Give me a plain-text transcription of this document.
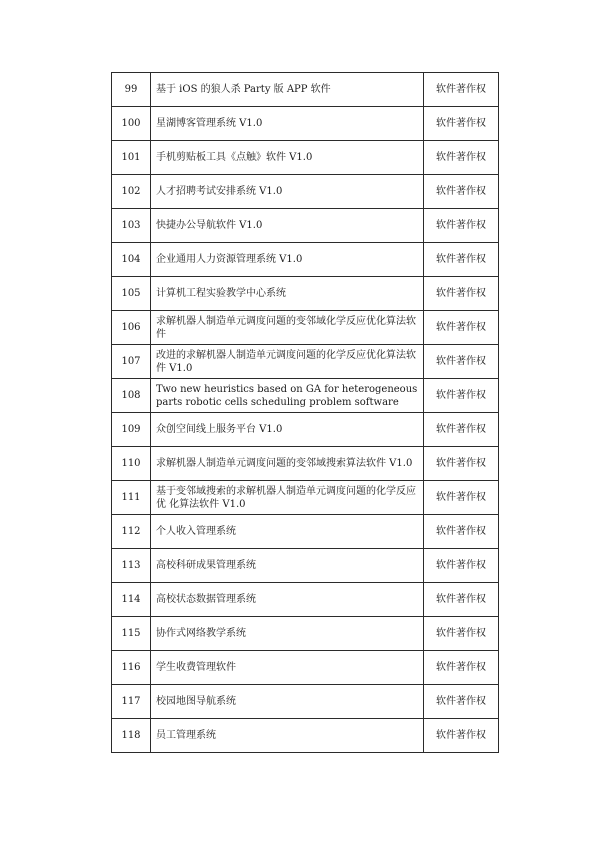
99	基于 iOS 的狼人杀 Party 版 APP 软件	软件著作权
100	星湖博客管理系统 V1.0	软件著作权
101	手机剪贴板工具《点触》软件 V1.0	软件著作权
102	人才招聘考试安排系统 V1.0	软件著作权
103	快捷办公导航软件 V1.0	软件著作权
104	企业通用人力资源管理系统 V1.0	软件著作权
105	计算机工程实验教学中心系统	软件著作权
106	求解机器人制造单元调度问题的变邻域化学反应优化算法软件	软件著作权
107	改进的求解机器人制造单元调度问题的化学反应优化算法软件 V1.0	软件著作权
108	Two new heuristics based on GA for heterogeneous parts robotic cells scheduling problem software	软件著作权
109	众创空间线上服务平台 V1.0	软件著作权
110	求解机器人制造单元调度问题的变邻域搜索算法软件 V1.0	软件著作权
111	基于变邻域搜索的求解机器人制造单元调度问题的化学反应优 化算法软件 V1.0	软件著作权
112	个人收入管理系统	软件著作权
113	高校科研成果管理系统	软件著作权
114	高校状态数据管理系统	软件著作权
115	协作式网络教学系统	软件著作权
116	学生收费管理软件	软件著作权
117	校园地图导航系统	软件著作权
118	员工管理系统	软件著作权
